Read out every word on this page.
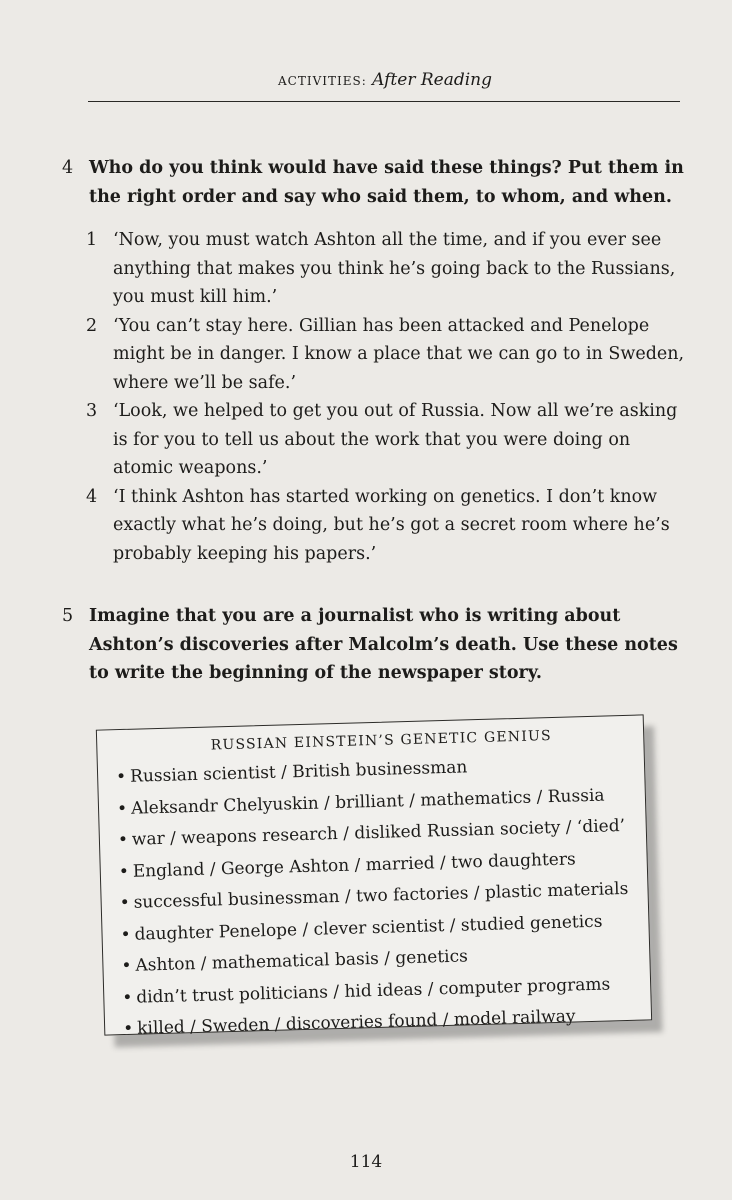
ACTIVITIES: After Reading
4 Who do you think would have said these things? Put them in the right order and say who said them, to whom, and when.
1 ‘Now, you must watch Ashton all the time, and if you ever see anything that makes you think he’s going back to the Russians, you must kill him.’
2 ‘You can’t stay here. Gillian has been attacked and Penelope might be in danger. I know a place that we can go to in Sweden, where we’ll be safe.’
3 ‘Look, we helped to get you out of Russia. Now all we’re asking is for you to tell us about the work that you were doing on atomic weapons.’
4 ‘I think Ashton has started working on genetics. I don’t know exactly what he’s doing, but he’s got a secret room where he’s probably keeping his papers.’
5 Imagine that you are a journalist who is writing about Ashton’s discoveries after Malcolm’s death. Use these notes to write the beginning of the newspaper story.
RUSSIAN EINSTEIN’S GENETIC GENIUS
• Russian scientist / British businessman
• Aleksandr Chelyuskin / brilliant / mathematics / Russia
• war / weapons research / disliked Russian society / ‘died’
• England / George Ashton / married / two daughters
• successful businessman / two factories / plastic materials
• daughter Penelope / clever scientist / studied genetics
• Ashton / mathematical basis / genetics
• didn’t trust politicians / hid ideas / computer programs
• killed / Sweden / discoveries found / model railway
114
